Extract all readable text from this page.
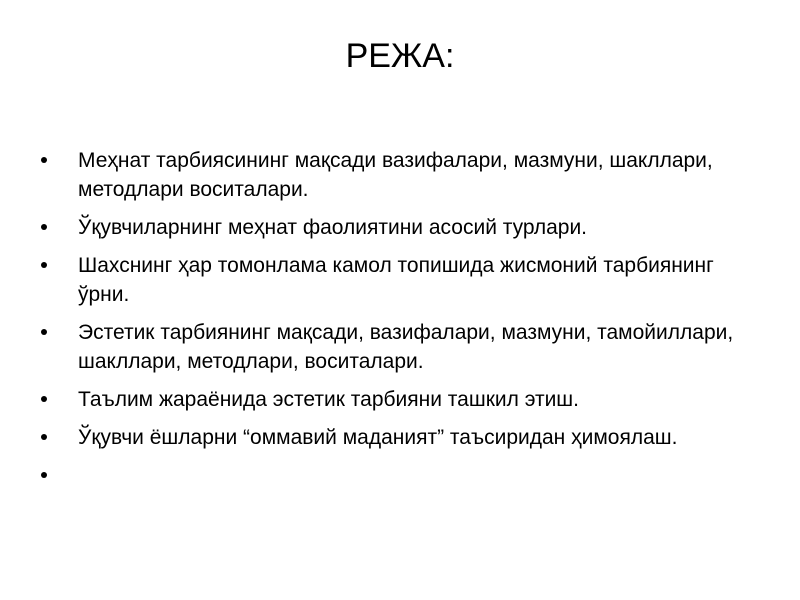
РЕЖА:
Меҳнат тарбиясининг мақсади вазифалари, мазмуни, шакллари, методлари воситалари.
Ўқувчиларнинг меҳнат фаолиятини асосий турлари.
Шахснинг ҳар томонлама камол топишида жисмоний тарбиянинг ўрни.
Эстетик тарбиянинг мақсади, вазифалари, мазмуни, тамойиллари, шакллари, методлари, воситалари.
Таълим жараёнида эстетик тарбияни ташкил этиш.
Ўқувчи ёшларни “оммавий маданият” таъсиридан ҳимоялаш.
